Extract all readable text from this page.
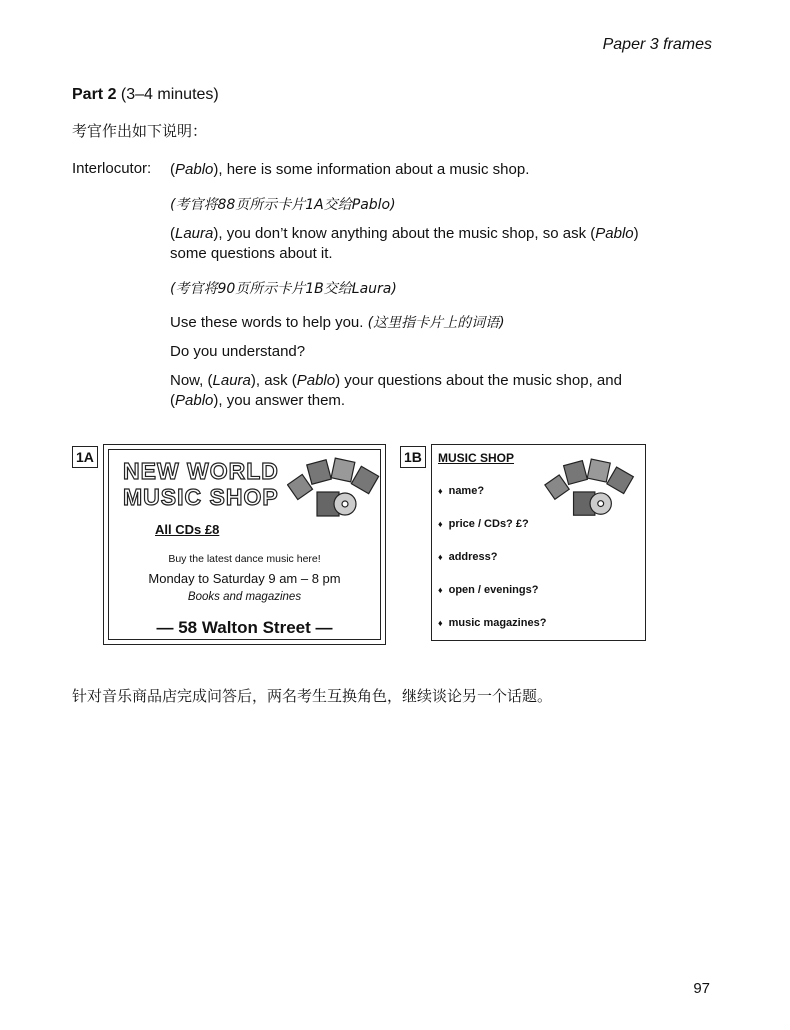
Paper 3 frames
Part 2 (3–4 minutes)
考官作出如下说明：
Interlocutor: (Pablo), here is some information about a music shop.
(考官将88页所示卡片1A交给Pablo)
(Laura), you don’t know anything about the music shop, so ask (Pablo)
some questions about it.
(考官将90页所示卡片1B交给Laura)
Use these words to help you. (这里指卡片上的词语)
Do you understand?
Now, (Laura), ask (Pablo) your questions about the music shop, and
(Pablo), you answer them.
1A
NEW WORLD
MUSIC SHOP
All CDs £8
Buy the latest dance music here!
Monday to Saturday 9 am – 8 pm
Books and magazines
— 58 Walton Street —
1B	MUSIC SHOP
♦ name?
♦ price / CDs? £?
♦ address?
♦ open / evenings?
♦ music magazines?
针对音乐商品店完成问答后，两名考生互换角色，继续谈论另一个话题。
97
